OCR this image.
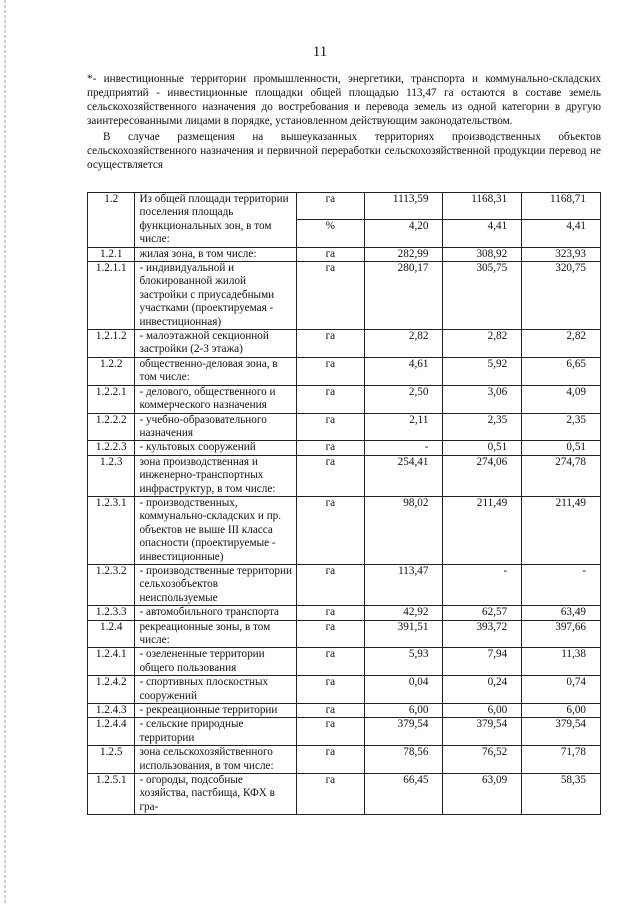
11

*- инвестиционные территории промышленности, энергетики, транспорта и коммунально-складских предприятий - инвестиционные площадки общей площадью 113,47 га остаются в составе земель сельскохозяйственного назначения до востребования и перевода земель из одной категории в другую заинтересованными лицами в порядке, установленном действующим законодательством.

В случае размещения на вышеуказанных территориях производственных объектов сельскохозяйственного назначения и первичной переработки сельскохозяйственной продукции перевод не осуществляется

1.2	Из общей площади территории поселения площадь функциональных зон, в том числе:	га	1113,59	1168,31	1168,71
		%	4,20	4,41	4,41
1.2.1	жилая зона, в том числе:	га	282,99	308,92	323,93
1.2.1.1	- индивидуальной и блокированной жилой застройки с приусадебными участками (проектируемая - инвестиционная)	га	280,17	305,75	320,75
1.2.1.2	- малоэтажной секционной застройки (2-3 этажа)	га	2,82	2,82	2,82
1.2.2	общественно-деловая зона, в том числе:	га	4,61	5,92	6,65
1.2.2.1	- делового, общественного и коммерческого назначения	га	2,50	3,06	4,09
1.2.2.2	- учебно-образовательного назначения	га	2,11	2,35	2,35
1.2.2.3	- культовых сооружений	га	-	0,51	0,51
1.2.3	зона производственная и инженерно-транспортных инфраструктур, в том числе:	га	254,41	274,06	274,78
1.2.3.1	- производственных, коммунально-складских и пр. объектов не выше III класса опасности (проектируемые - инвестиционные)	га	98,02	211,49	211,49
1.2.3.2	- производственные территории сельхозобъектов неиспользуемые	га	113,47	-	-
1.2.3.3	- автомобильного транспорта	га	42,92	62,57	63,49
1.2.4	рекреационные зоны, в том числе:	га	391,51	393,72	397,66
1.2.4.1	- озелененные территории общего пользования	га	5,93	7,94	11,38
1.2.4.2	- спортивных плоскостных сооружений	га	0,04	0,24	0,74
1.2.4.3	- рекреационные территории	га	6,00	6,00	6,00
1.2.4.4	- сельские природные территории	га	379,54	379,54	379,54
1.2.5	зона сельскохозяйственного использования, в том числе:	га	78,56	76,52	71,78
1.2.5.1	- огороды, подсобные хозяйства, пастбища, КФХ в гра-	га	66,45	63,09	58,35
